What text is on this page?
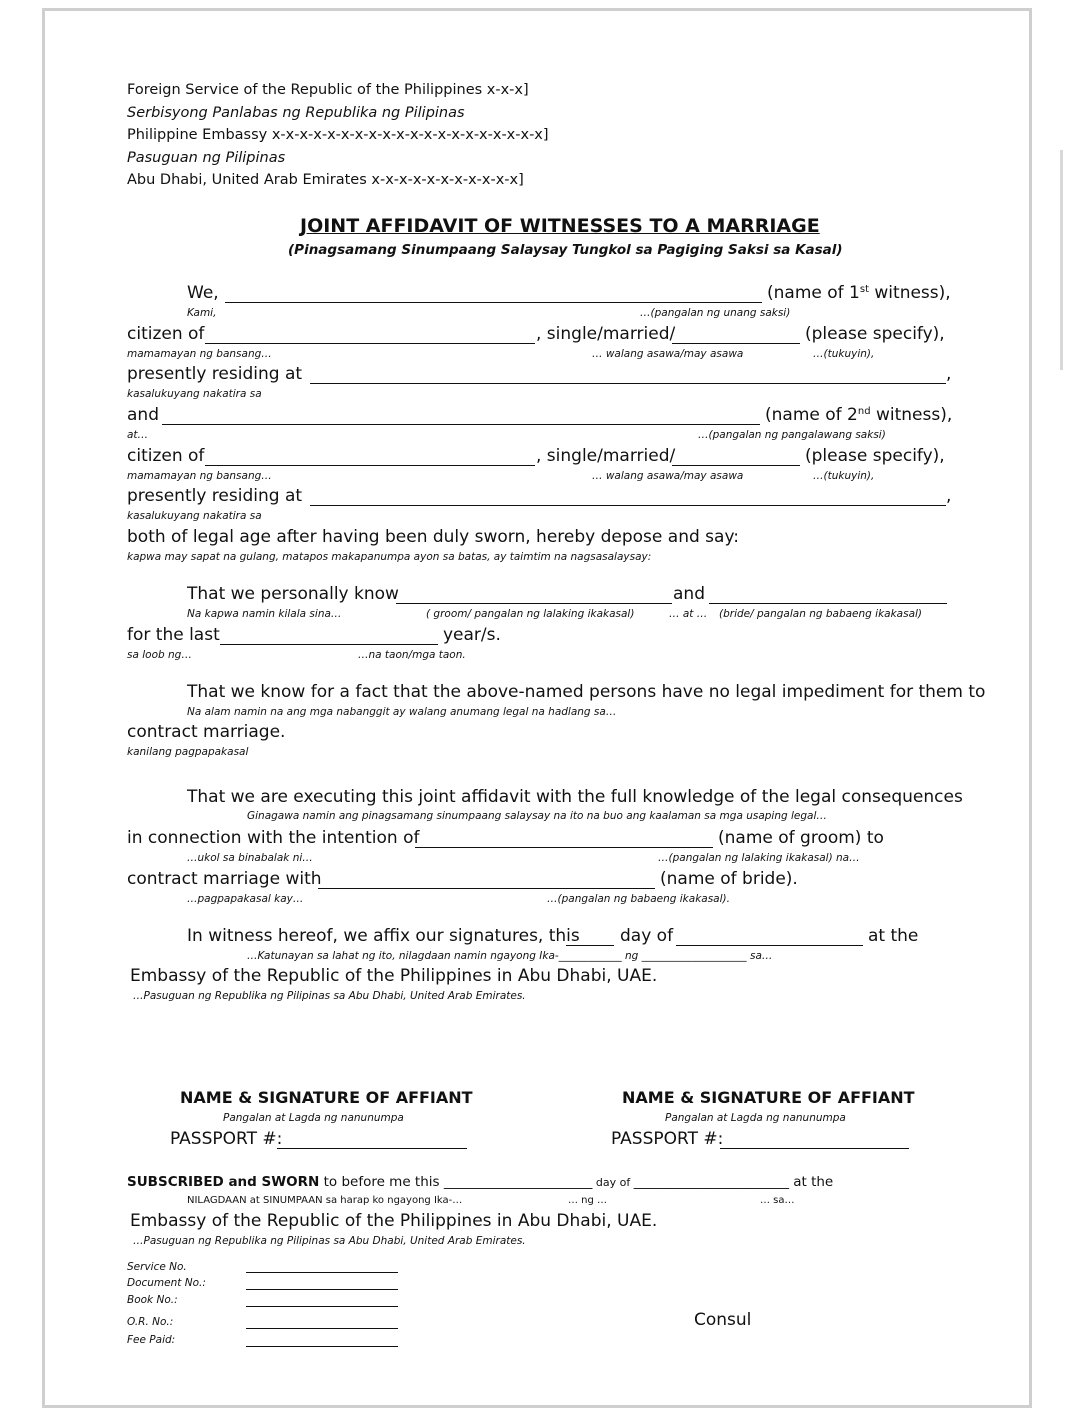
Foreign Service of the Republic of the Philippines x-x-x]
Serbisyong Panlabas ng Republika ng Pilipinas
Philippine Embassy x-x-x-x-x-x-x-x-x-x-x-x-x-x-x-x-x-x-x-x]
Pasuguan ng Pilipinas
Abu Dhabi, United Arab Emirates x-x-x-x-x-x-x-x-x-x-x]
JOINT AFFIDAVIT OF WITNESSES TO A MARRIAGE
(Pinagsamang Sinumpaang Salaysay Tungkol sa Pagiging Saksi sa Kasal)
We,	(name of 1st witness),
Kami,	…(pangalan ng unang saksi)
citizen of	, single/married/	(please specify),
mamamayan ng bansang…	… walang asawa/may asawa	…(tukuyin),
presently residing at	,
kasalukuyang nakatira sa
and	(name of 2nd witness),
at…	…(pangalan ng pangalawang saksi)
citizen of	, single/married/	(please specify),
mamamayan ng bansang…	… walang asawa/may asawa	…(tukuyin),
presently residing at	,
kasalukuyang nakatira sa
both of legal age after having been duly sworn, hereby depose and say:
kapwa may sapat na gulang, matapos makapanumpa ayon sa batas, ay taimtim na nagsasalaysay:
That we personally know	and
Na kapwa namin kilala sina…	( groom/ pangalan ng lalaking ikakasal)	… at … (bride/ pangalan ng babaeng ikakasal)
for the last	year/s.
sa loob ng…	…na taon/mga taon.
That we know for a fact that the above-named persons have no legal impediment for them to
Na alam namin na ang mga nabanggit ay walang anumang legal na hadlang sa…
contract marriage.
kanilang pagpapakasal
That we are executing this joint affidavit with the full knowledge of the legal consequences
Ginagawa namin ang pinagsamang sinumpaang salaysay na ito na buo ang kaalaman sa mga usaping legal…
in connection with the intention of	(name of groom) to
…ukol sa binabalak ni…	…(pangalan ng lalaking ikakasal) na…
contract marriage with	(name of bride).
…pagpapakasal kay…	…(pangalan ng babaeng ikakasal).
In witness hereof, we affix our signatures, this day of	at the
…Katunayan sa lahat ng ito, nilagdaan namin ngayong Ika-____________ ng ____________________ sa…
Embassy of the Republic of the Philippines in Abu Dhabi, UAE.
…Pasuguan ng Republika ng Pilipinas sa Abu Dhabi, United Arab Emirates.
NAME & SIGNATURE OF AFFIANT
Pangalan at Lagda ng nanunumpa
PASSPORT #:
NAME & SIGNATURE OF AFFIANT
Pangalan at Lagda ng nanunumpa
PASSPORT #:
SUBSCRIBED and SWORN to before me this ______________________ day of _______________________ at the
NILAGDAAN at SINUMPAAN sa harap ko ngayong Ika-…	… ng …	… sa…
Embassy of the Republic of the Philippines in Abu Dhabi, UAE.
…Pasuguan ng Republika ng Pilipinas sa Abu Dhabi, United Arab Emirates.
Service No.
Document No.:
Book No.:
O.R. No.:
Fee Paid:
Consul
